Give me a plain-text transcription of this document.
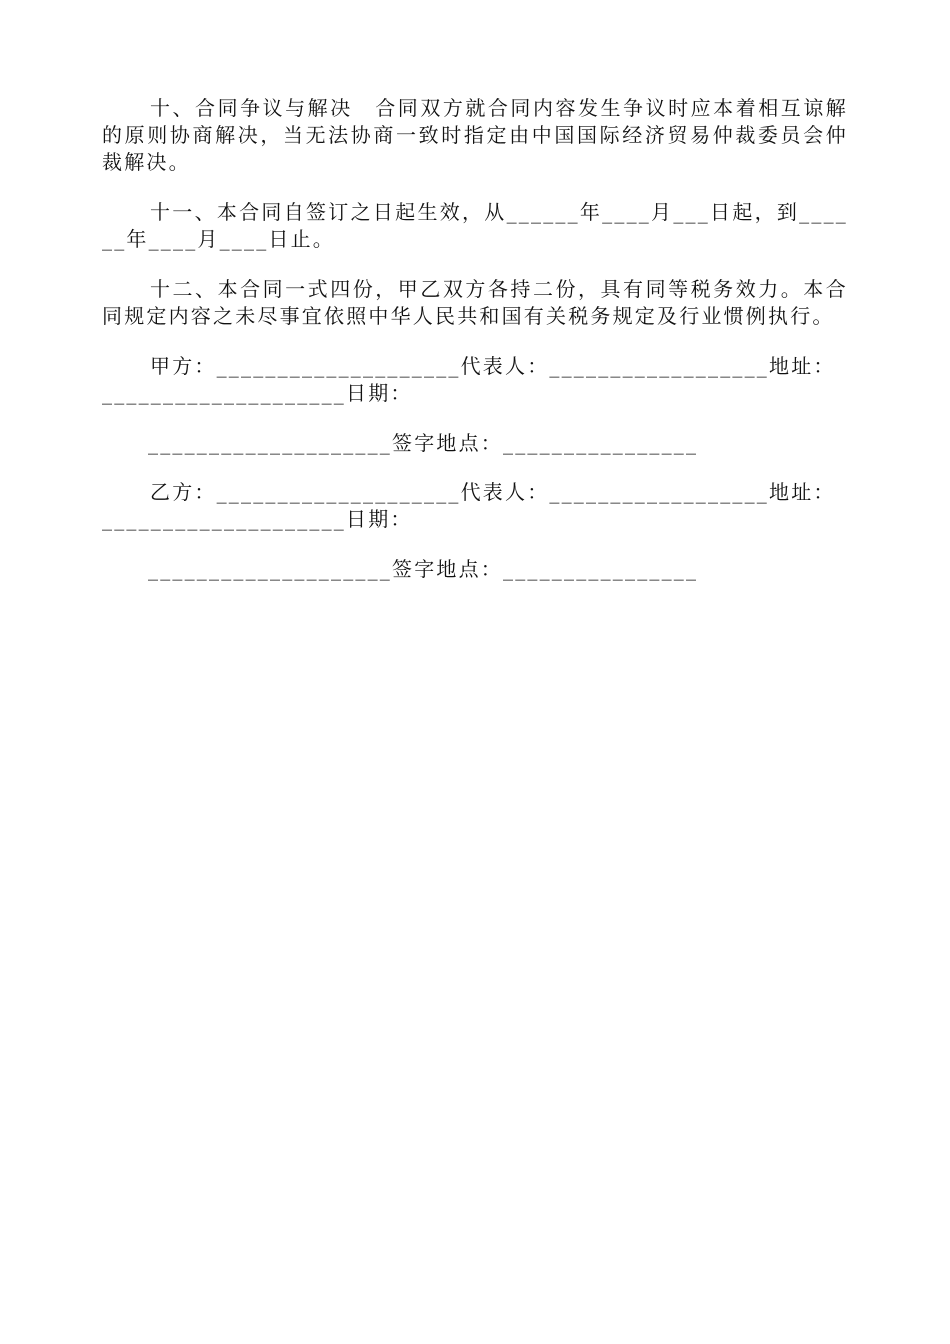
十、合同争议与解决　合同双方就合同内容发生争议时应本着相互谅解的原则协商解决，当无法协商一致时指定由中国国际经济贸易仲裁委员会仲裁解决。

十一、本合同自签订之日起生效，从______年____月___日起，到______年____月____日止。

十二、本合同一式四份，甲乙双方各持二份，具有同等税务效力。本合同规定内容之未尽事宜依照中华人民共和国有关税务规定及行业惯例执行。

甲方：____________________代表人：__________________地址：

____________________日期：

____________________签字地点：________________

乙方：____________________代表人：__________________地址：

____________________日期：

____________________签字地点：________________
